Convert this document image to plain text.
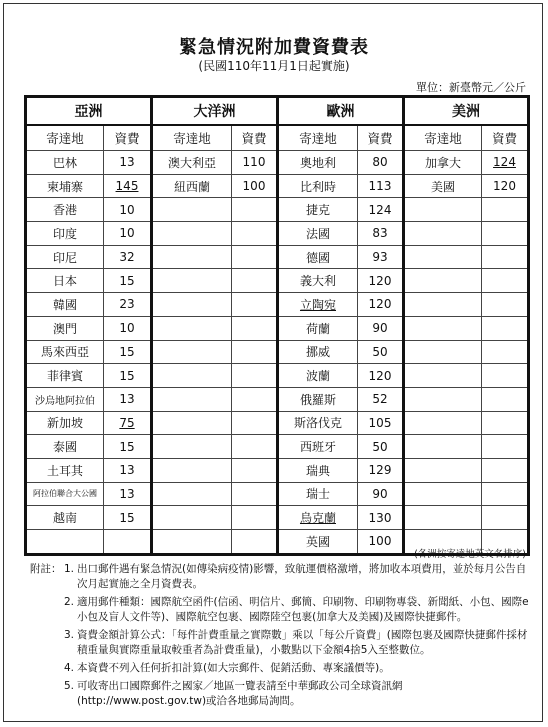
緊急情況附加費資費表
(民國110年11月1日起實施)
單位：新臺幣元／公斤
亞洲		大洋洲		歐洲		美洲	
寄達地	資費	寄達地	資費	寄達地	資費	寄達地	資費
巴林	13	澳大利亞	110	奧地利	80	加拿大	124
柬埔寨	145	紐西蘭	100	比利時	113	美國	120
香港	10			捷克	124		
印度	10			法國	83		
印尼	32			德國	93		
日本	15			義大利	120		
韓國	23			立陶宛	120		
澳門	10			荷蘭	90		
馬來西亞	15			挪威	50		
菲律賓	15			波蘭	120		
沙烏地阿拉伯	13			俄羅斯	52		
新加坡	75			斯洛伐克	105		
泰國	15			西班牙	50		
土耳其	13			瑞典	129		
阿拉伯聯合大公國	13			瑞士	90		
越南	15			烏克蘭	130		
				英國	100		
(各洲按寄達地英文名排序)
附註： 1. 出口郵件遇有緊急情況(如傳染病疫情)影響，致航運價格激增，將加收本項費用，並於每月公告自次月起實施之全月資費表。
2. 適用郵件種類：國際航空函件(信函、明信片、郵簡、印刷物、印刷物專袋、新聞紙、小包、國際e小包及盲人文件等)、國際航空包裹、國際陸空包裹(加拿大及美國)及國際快捷郵件。
3. 資費金額計算公式：「每件計費重量之實際數」乘以「每公斤資費」(國際包裹及國際快捷郵件採材積重量與實際重量取較重者為計費重量)，小數點以下金額4捨5入至整數位。
4. 本資費不列入任何折扣計算(如大宗郵件、促銷活動、專案議價等)。
5. 可收寄出口國際郵件之國家／地區一覽表請至中華郵政公司全球資訊網(http://www.post.gov.tw)或洽各地郵局詢問。
